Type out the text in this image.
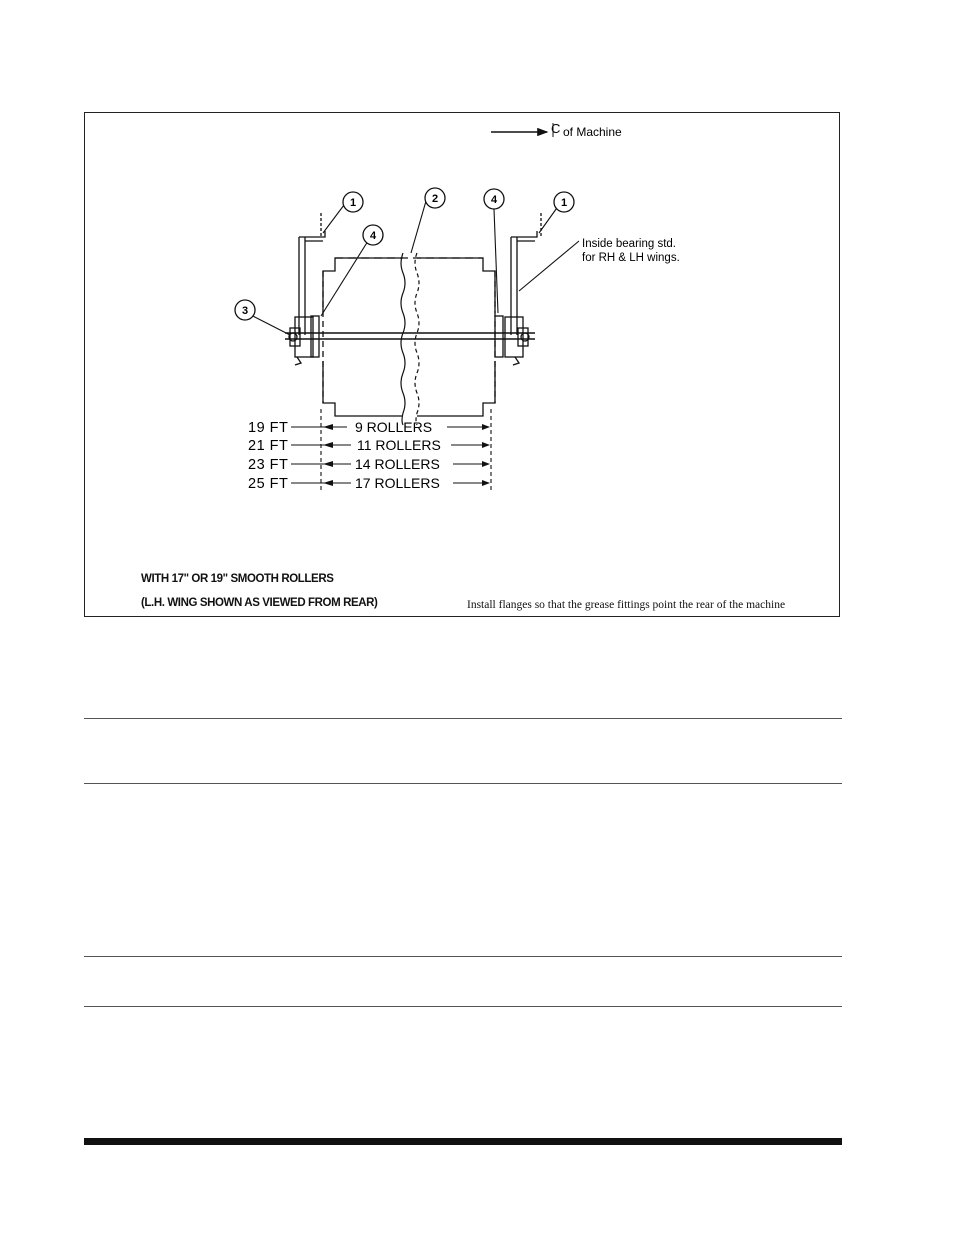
C of Machine
1	2
3
4
4	1
Inside bearing std.
for RH & LH wings.
19 FT	9 ROLLERS
21 FT	11 ROLLERS
23 FT	14 ROLLERS
25 FT	17 ROLLERS
WITH 17" OR 19" SMOOTH ROLLERS
(L.H. WING SHOWN AS VIEWED FROM REAR)	Install flanges so that the grease fittings point the rear of the machine
